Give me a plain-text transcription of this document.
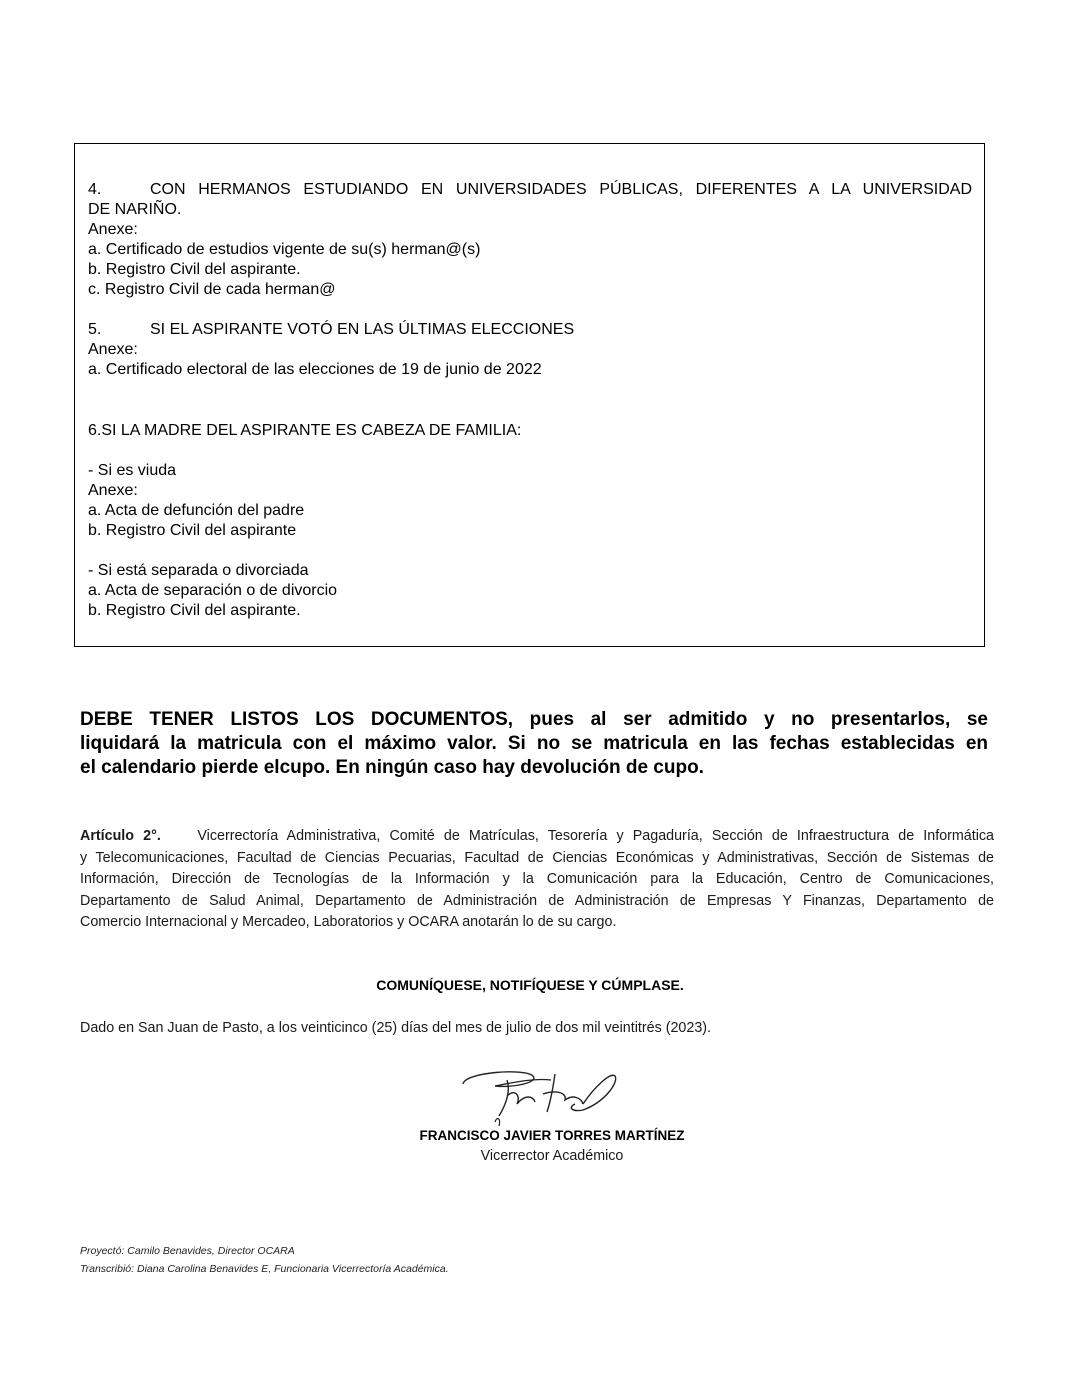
4.	CON HERMANOS ESTUDIANDO EN UNIVERSIDADES PÚBLICAS, DIFERENTES A LA UNIVERSIDAD
DE NARIÑO.
Anexe:
a. Certificado de estudios vigente de su(s) herman@(s)
b. Registro Civil del aspirante.
c. Registro Civil de cada herman@
5.	SI EL ASPIRANTE VOTÓ EN LAS ÚLTIMAS ELECCIONES
Anexe:
a. Certificado electoral de las elecciones de 19 de junio de 2022
6.SI LA MADRE DEL ASPIRANTE ES CABEZA DE FAMILIA:
- Si es viuda
Anexe:
a. Acta de defunción del padre
b. Registro Civil del aspirante
- Si está separada o divorciada
a. Acta de separación o de divorcio
b. Registro Civil del aspirante.
DEBE TENER LISTOS LOS DOCUMENTOS, pues al ser admitido y no presentarlos, se
liquidará la matricula con el máximo valor. Si no se matricula en las fechas establecidas en
el calendario pierde elcupo. En ningún caso hay devolución de cupo.
Artículo 2°.	Vicerrectoría Administrativa, Comité de Matrículas, Tesorería y Pagaduría, Sección de Infraestructura de Informática
y Telecomunicaciones, Facultad de Ciencias Pecuarias, Facultad de Ciencias Económicas y Administrativas, Sección de Sistemas de
Información, Dirección de Tecnologías de la Información y la Comunicación para la Educación, Centro de Comunicaciones,
Departamento de Salud Animal, Departamento de Administración de Administración de Empresas Y Finanzas, Departamento de
Comercio Internacional y Mercadeo, Laboratorios y OCARA anotarán lo de su cargo.
COMUNÍQUESE, NOTIFÍQUESE Y CÚMPLASE.
Dado en San Juan de Pasto, a los veinticinco (25) días del mes de julio de dos mil veintitrés (2023).
FRANCISCO JAVIER TORRES MARTÍNEZ
Vicerrector Académico
Proyectó: Camilo Benavides, Director OCARA
Transcribió: Diana Carolina Benavides E, Funcionaria Vicerrectoría Académica.
